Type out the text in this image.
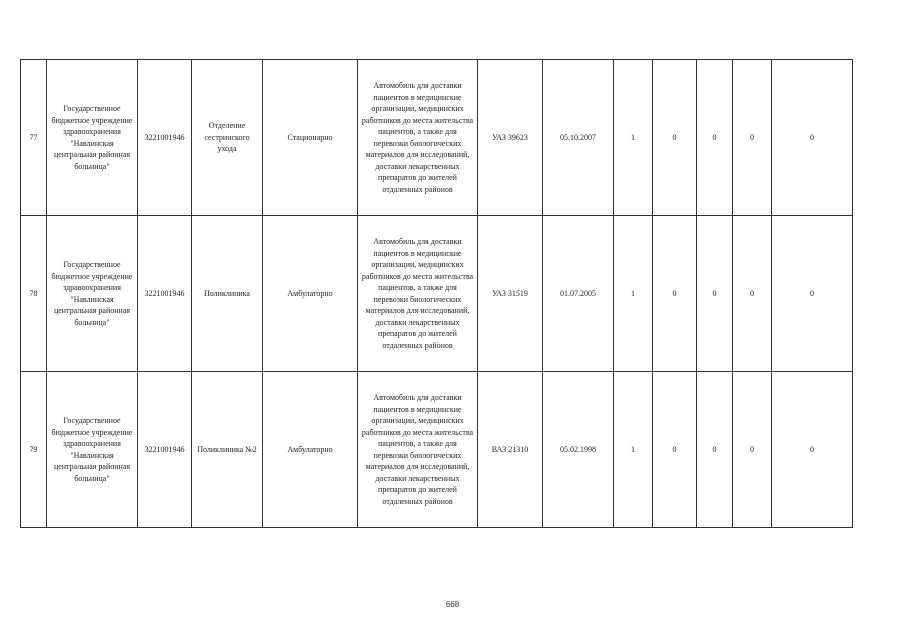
77	Государственное бюджетное учреждение здравоохранения "Навлинская центральная районная больница"	3221001946	Отделение сестринского ухода	Стационарно	Автомобиль для доставки пациентов в медицинские организации, медицинских работников до места жительства пациентов, а также для перевозки биологических материалов для исследований, доставки лекарственных препаратов до жителей отдаленных районов	УАЗ 39623	05.10.2007	1	0	0	0	0
78	Государственное бюджетное учреждение здравоохранения "Навлинская центральная районная больница"	3221001946	Поликлиника	Амбулаторно	Автомобиль для доставки пациентов в медицинские организации, медицинских работников до места жительства пациентов, а также для перевозки биологических материалов для исследований, доставки лекарственных препаратов до жителей отдаленных районов	УАЗ 31519	01.07.2005	1	0	0	0	0
79	Государственное бюджетное учреждение здравоохранения "Навлинская центральная районная больница"	3221001946	Поликлиника №2	Амбулаторно	Автомобиль для доставки пациентов в медицинские организации, медицинских работников до места жительства пациентов, а также для перевозки биологических материалов для исследований, доставки лекарственных препаратов до жителей отдаленных районов	ВАЗ 21310	05.02.1998	1	0	0	0	0
668
